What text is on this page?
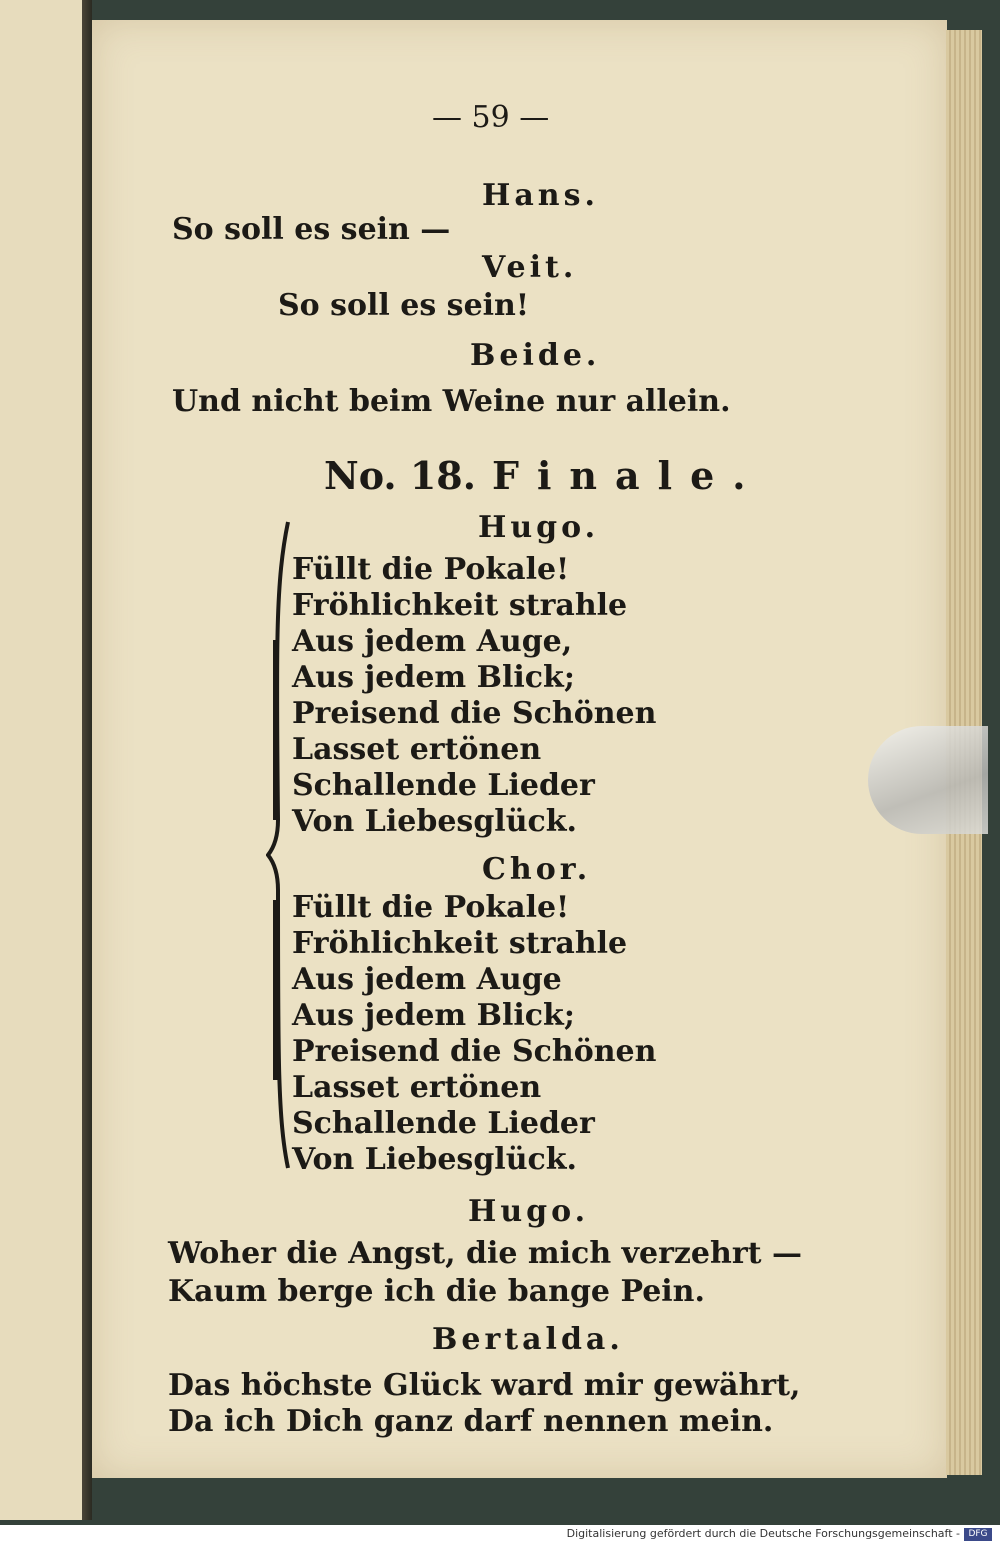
— 59 —
Hans.
So soll es sein —
Veit.
So soll es sein!
Beide.
Und nicht beim Weine nur allein.
No. 18. Finale.
Hugo.
Füllt die Pokale!
Fröhlichkeit strahle
Aus jedem Auge,
Aus jedem Blick;
Preisend die Schönen
Lasset ertönen
Schallende Lieder
Von Liebesglück.
Chor.
Füllt die Pokale!
Fröhlichkeit strahle
Aus jedem Auge
Aus jedem Blick;
Preisend die Schönen
Lasset ertönen
Schallende Lieder
Von Liebesglück.
Hugo.
Woher die Angst, die mich verzehrt —
Kaum berge ich die bange Pein.
Bertalda.
Das höchste Glück ward mir gewährt,
Da ich Dich ganz darf nennen mein.
Digitalisierung gefördert durch die Deutsche Forschungsgemeinschaft - DFG
